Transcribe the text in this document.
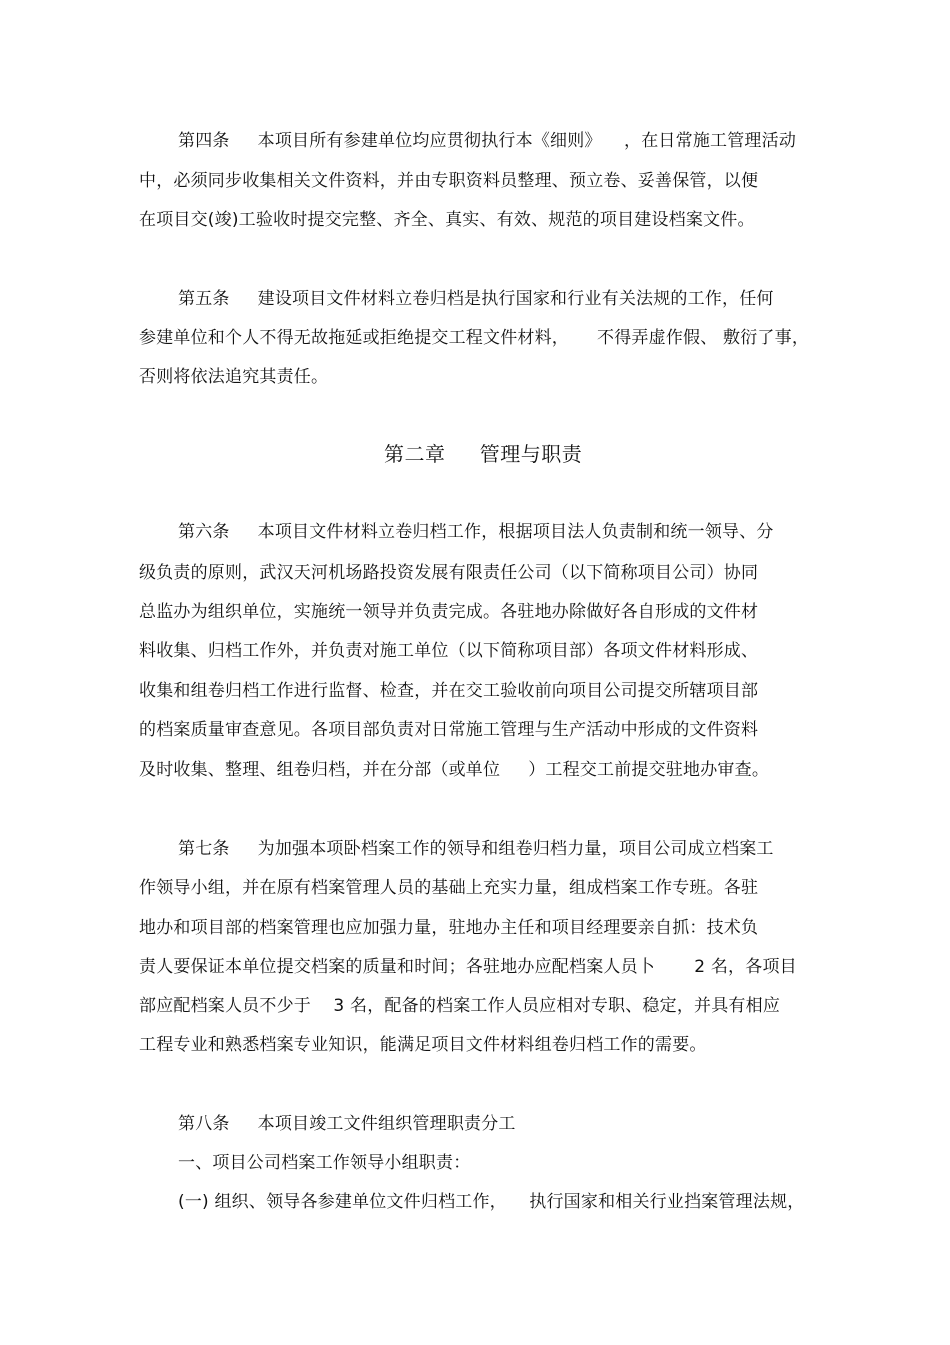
第四条     本项目所有参建单位均应贯彻执行本《细则》    ，在日常施工管理活动

中，必须同步收集相关文件资料，并由专职资料员整理、预立卷、妥善保管，以便

在项目交(竣)工验收时提交完整、齐全、真实、有效、规范的项目建设档案文件。

第五条     建设项目文件材料立卷归档是执行国家和行业有关法规的工作，任何

参建单位和个人不得无故拖延或拒绝提交工程文件材料，     不得弄虚作假、 敷衍了事，

否则将依法追究其责任。

第二章     管理与职责

第六条     本项目文件材料立卷归档工作，根据项目法人负责制和统一领导、分

级负责的原则，武汉天河机场路投资发展有限责任公司（以下简称项目公司）协同

总监办为组织单位，实施统一领导并负责完成。各驻地办除做好各自形成的文件材

料收集、归档工作外，并负责对施工单位（以下简称项目部）各项文件材料形成、

收集和组卷归档工作进行监督、检查，并在交工验收前向项目公司提交所辖项目部

的档案质量审查意见。各项目部负责对日常施工管理与生产活动中形成的文件资料

及时收集、整理、组卷归档，并在分部（或单位     ）工程交工前提交驻地办审查。

第七条     为加强本项卧档案工作的领导和组卷归档力量，项目公司成立档案工

作领导小组，并在原有档案管理人员的基础上充实力量，组成档案工作专班。各驻

地办和项目部的档案管理也应加强力量，驻地办主任和项目经理要亲自抓：技术负

责人要保证本单位提交档案的质量和时间；各驻地办应配档案人员卜       2 名，各项目

部应配档案人员不少于    3 名，配备的档案工作人员应相对专职、稳定，并具有相应

工程专业和熟悉档案专业知识，能满足项目文件材料组卷归档工作的需要。

第八条     本项目竣工文件组织管理职责分工

一、项目公司档案工作领导小组职责：

(一) 组织、领导各参建单位文件归档工作，    执行国家和相关行业挡案管理法规，
